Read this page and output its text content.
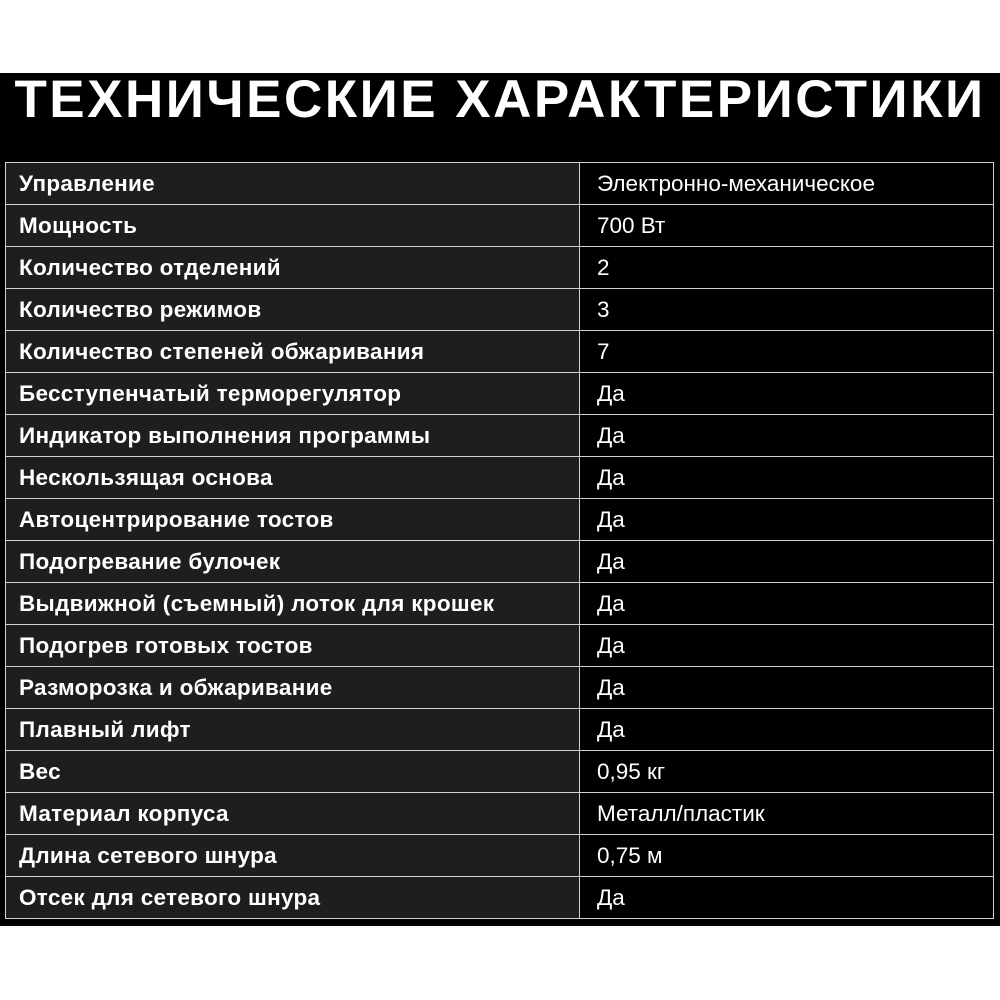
ТЕХНИЧЕСКИЕ ХАРАКТЕРИСТИКИ
Управление	Электронно-механическое
Мощность	700 Вт
Количество отделений	2
Количество режимов	3
Количество степеней обжаривания	7
Бесступенчатый терморегулятор	Да
Индикатор выполнения программы	Да
Нескользящая основа	Да
Автоцентрирование тостов	Да
Подогревание булочек	Да
Выдвижной (съемный) лоток для крошек	Да
Подогрев готовых тостов	Да
Разморозка и обжаривание	Да
Плавный лифт	Да
Вес	0,95 кг
Материал корпуса	Металл/пластик
Длина сетевого шнура	0,75 м
Отсек для сетевого шнура	Да
